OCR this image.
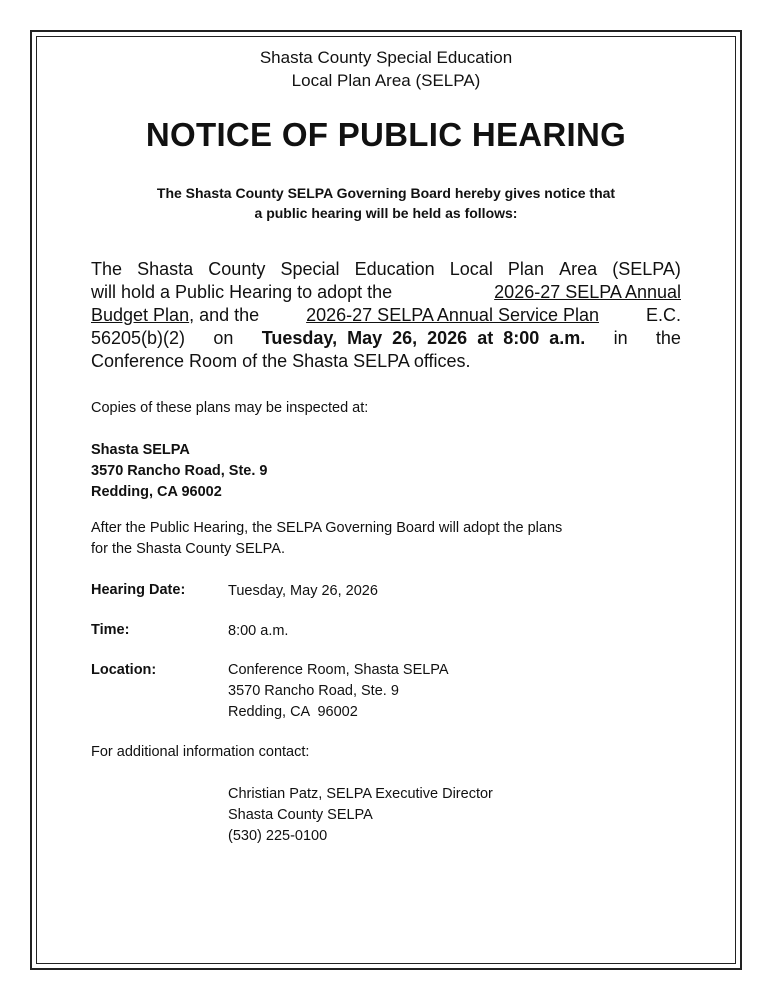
Shasta County Special Education
Local Plan Area (SELPA)
NOTICE OF PUBLIC HEARING
The Shasta County SELPA Governing Board hereby gives notice that
a public hearing will be held as follows:
The Shasta County Special Education Local Plan Area (SELPA)
will hold a Public Hearing to adopt the	2026-27 SELPA Annual
Budget Plan, and the	2026-27 SELPA Annual Service Plan	E.C.
56205(b)(2) on Tuesday,  May  26,  2026  at  8:00  a.m. in the
Conference Room of the Shasta SELPA offices.
Copies of these plans may be inspected at:
Shasta SELPA
3570 Rancho Road, Ste. 9
Redding, CA 96002
After the Public Hearing, the SELPA Governing Board will adopt the plans
for the Shasta County SELPA.
Hearing Date:	Tuesday, May 26, 2026
Time:	8:00 a.m.
Location:	Conference Room, Shasta SELPA
3570 Rancho Road, Ste. 9
Redding, CA  96002
For additional information contact:
Christian Patz, SELPA Executive Director
Shasta County SELPA
(530) 225-0100
